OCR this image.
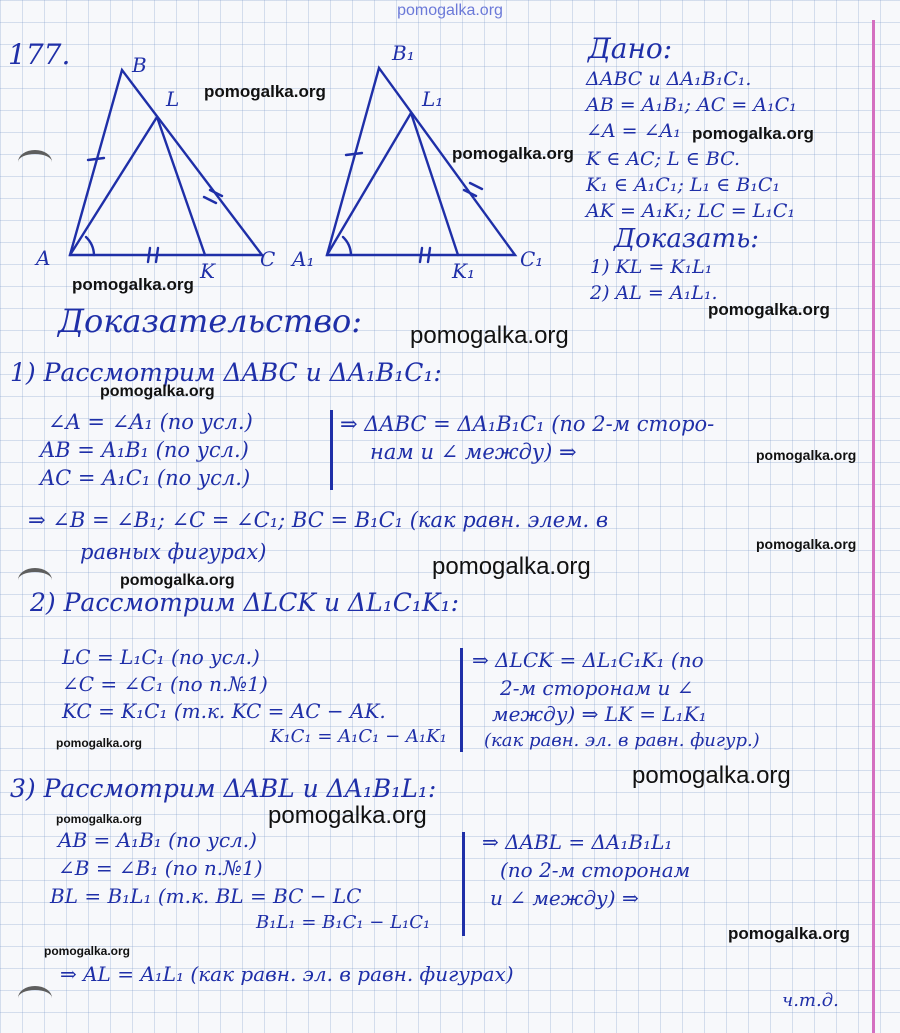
pomogalka.org
177.
A
B
C
L
K	A₁
B₁
C₁
L₁
K₁
Дано:
ΔABC и ΔA₁B₁C₁.
AB = A₁B₁; AC = A₁C₁
∠A = ∠A₁
K ∈ AC; L ∈ BC.
K₁ ∈ A₁C₁; L₁ ∈ B₁C₁
AK = A₁K₁; LC = L₁C₁
Доказать:
1) KL = K₁L₁
2) AL = A₁L₁.
Доказательство:
1) Рассмотрим ΔABC и ΔA₁B₁C₁:
∠A = ∠A₁ (по усл.)
AB = A₁B₁ (по усл.)
AC = A₁C₁ (по усл.)
⇒ ΔABC = ΔA₁B₁C₁ (по 2-м сторо-
нам и ∠ между) ⇒
⇒ ∠B = ∠B₁; ∠C = ∠C₁; BC = B₁C₁ (как равн. элем. в
равных фигурах)
2) Рассмотрим ΔLCK и ΔL₁C₁K₁:
LC = L₁C₁ (по усл.)
∠C = ∠C₁ (по п.№1)
KC = K₁C₁ (т.к. KC = AC − AK.
K₁C₁ = A₁C₁ − A₁K₁
⇒ ΔLCK = ΔL₁C₁K₁ (по
2-м сторонам и ∠
между) ⇒ LK = L₁K₁
(как равн. эл. в равн. фигур.)
3) Рассмотрим ΔABL и ΔA₁B₁L₁:
AB = A₁B₁ (по усл.)
∠B = ∠B₁ (по п.№1)
BL = B₁L₁ (т.к. BL = BC − LC
B₁L₁ = B₁C₁ − L₁C₁
⇒ ΔABL = ΔA₁B₁L₁
(по 2-м сторонам
и ∠ между) ⇒
⇒ AL = A₁L₁ (как равн. эл. в равн. фигурах)
ч.т.д.
pomogalka.org
pomogalka.org
pomogalka.org
pomogalka.org
pomogalka.org
pomogalka.org
pomogalka.org
pomogalka.org
pomogalka.org
pomogalka.org
pomogalka.org
pomogalka.org
pomogalka.org
pomogalka.org	pomogalka.org
pomogalka.org
pomogalka.org
